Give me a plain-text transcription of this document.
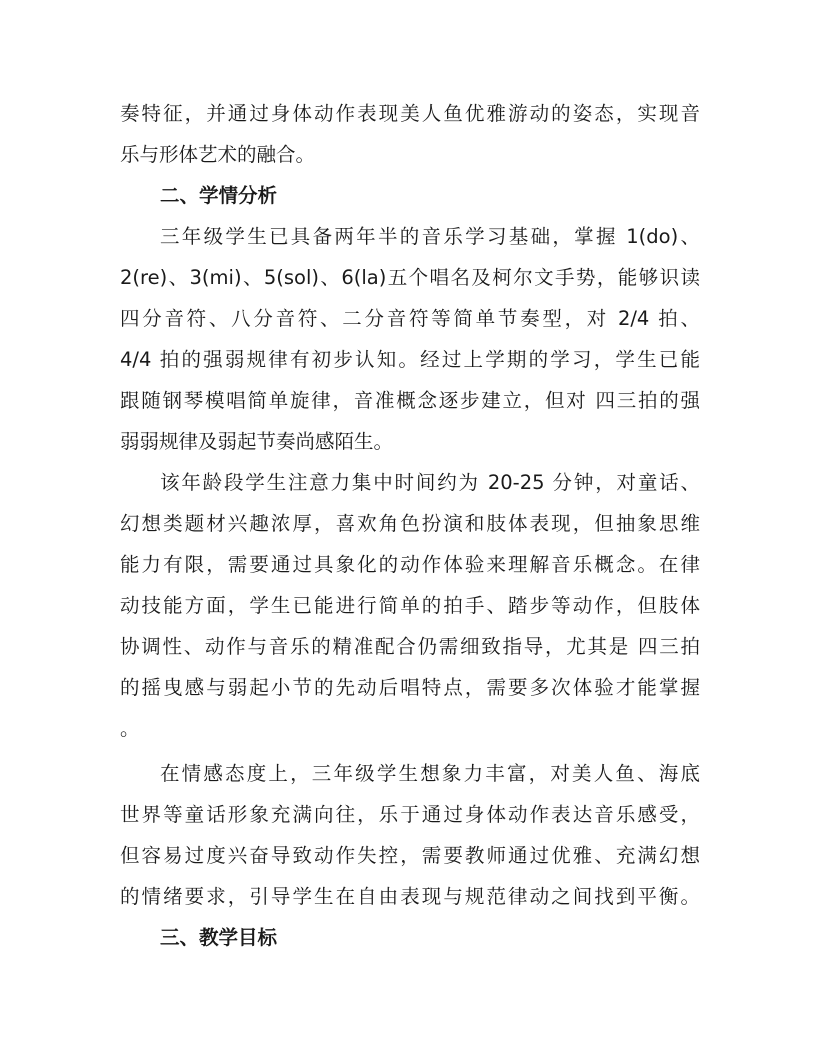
奏特征，并通过身体动作表现美人鱼优雅游动的姿态，实现音
乐与形体艺术的融合。
二、学情分析
三年级学生已具备两年半的音乐学习基础，掌握 1(do)、
2(re)、3(mi)、5(sol)、6(la)五个唱名及柯尔文手势，能够识读
四分音符、八分音符、二分音符等简单节奏型，对 2/4 拍、
4/4 拍的强弱规律有初步认知。经过上学期的学习，学生已能
跟随钢琴模唱简单旋律，音准概念逐步建立，但对 四三拍的强
弱弱规律及弱起节奏尚感陌生。
该年龄段学生注意力集中时间约为 20-25 分钟，对童话、
幻想类题材兴趣浓厚，喜欢角色扮演和肢体表现，但抽象思维
能力有限，需要通过具象化的动作体验来理解音乐概念。在律
动技能方面，学生已能进行简单的拍手、踏步等动作，但肢体
协调性、动作与音乐的精准配合仍需细致指导，尤其是 四三拍
的摇曳感与弱起小节的先动后唱特点，需要多次体验才能掌握
。
在情感态度上，三年级学生想象力丰富，对美人鱼、海底
世界等童话形象充满向往，乐于通过身体动作表达音乐感受，
但容易过度兴奋导致动作失控，需要教师通过优雅、充满幻想
的情绪要求，引导学生在自由表现与规范律动之间找到平衡。
三、教学目标
